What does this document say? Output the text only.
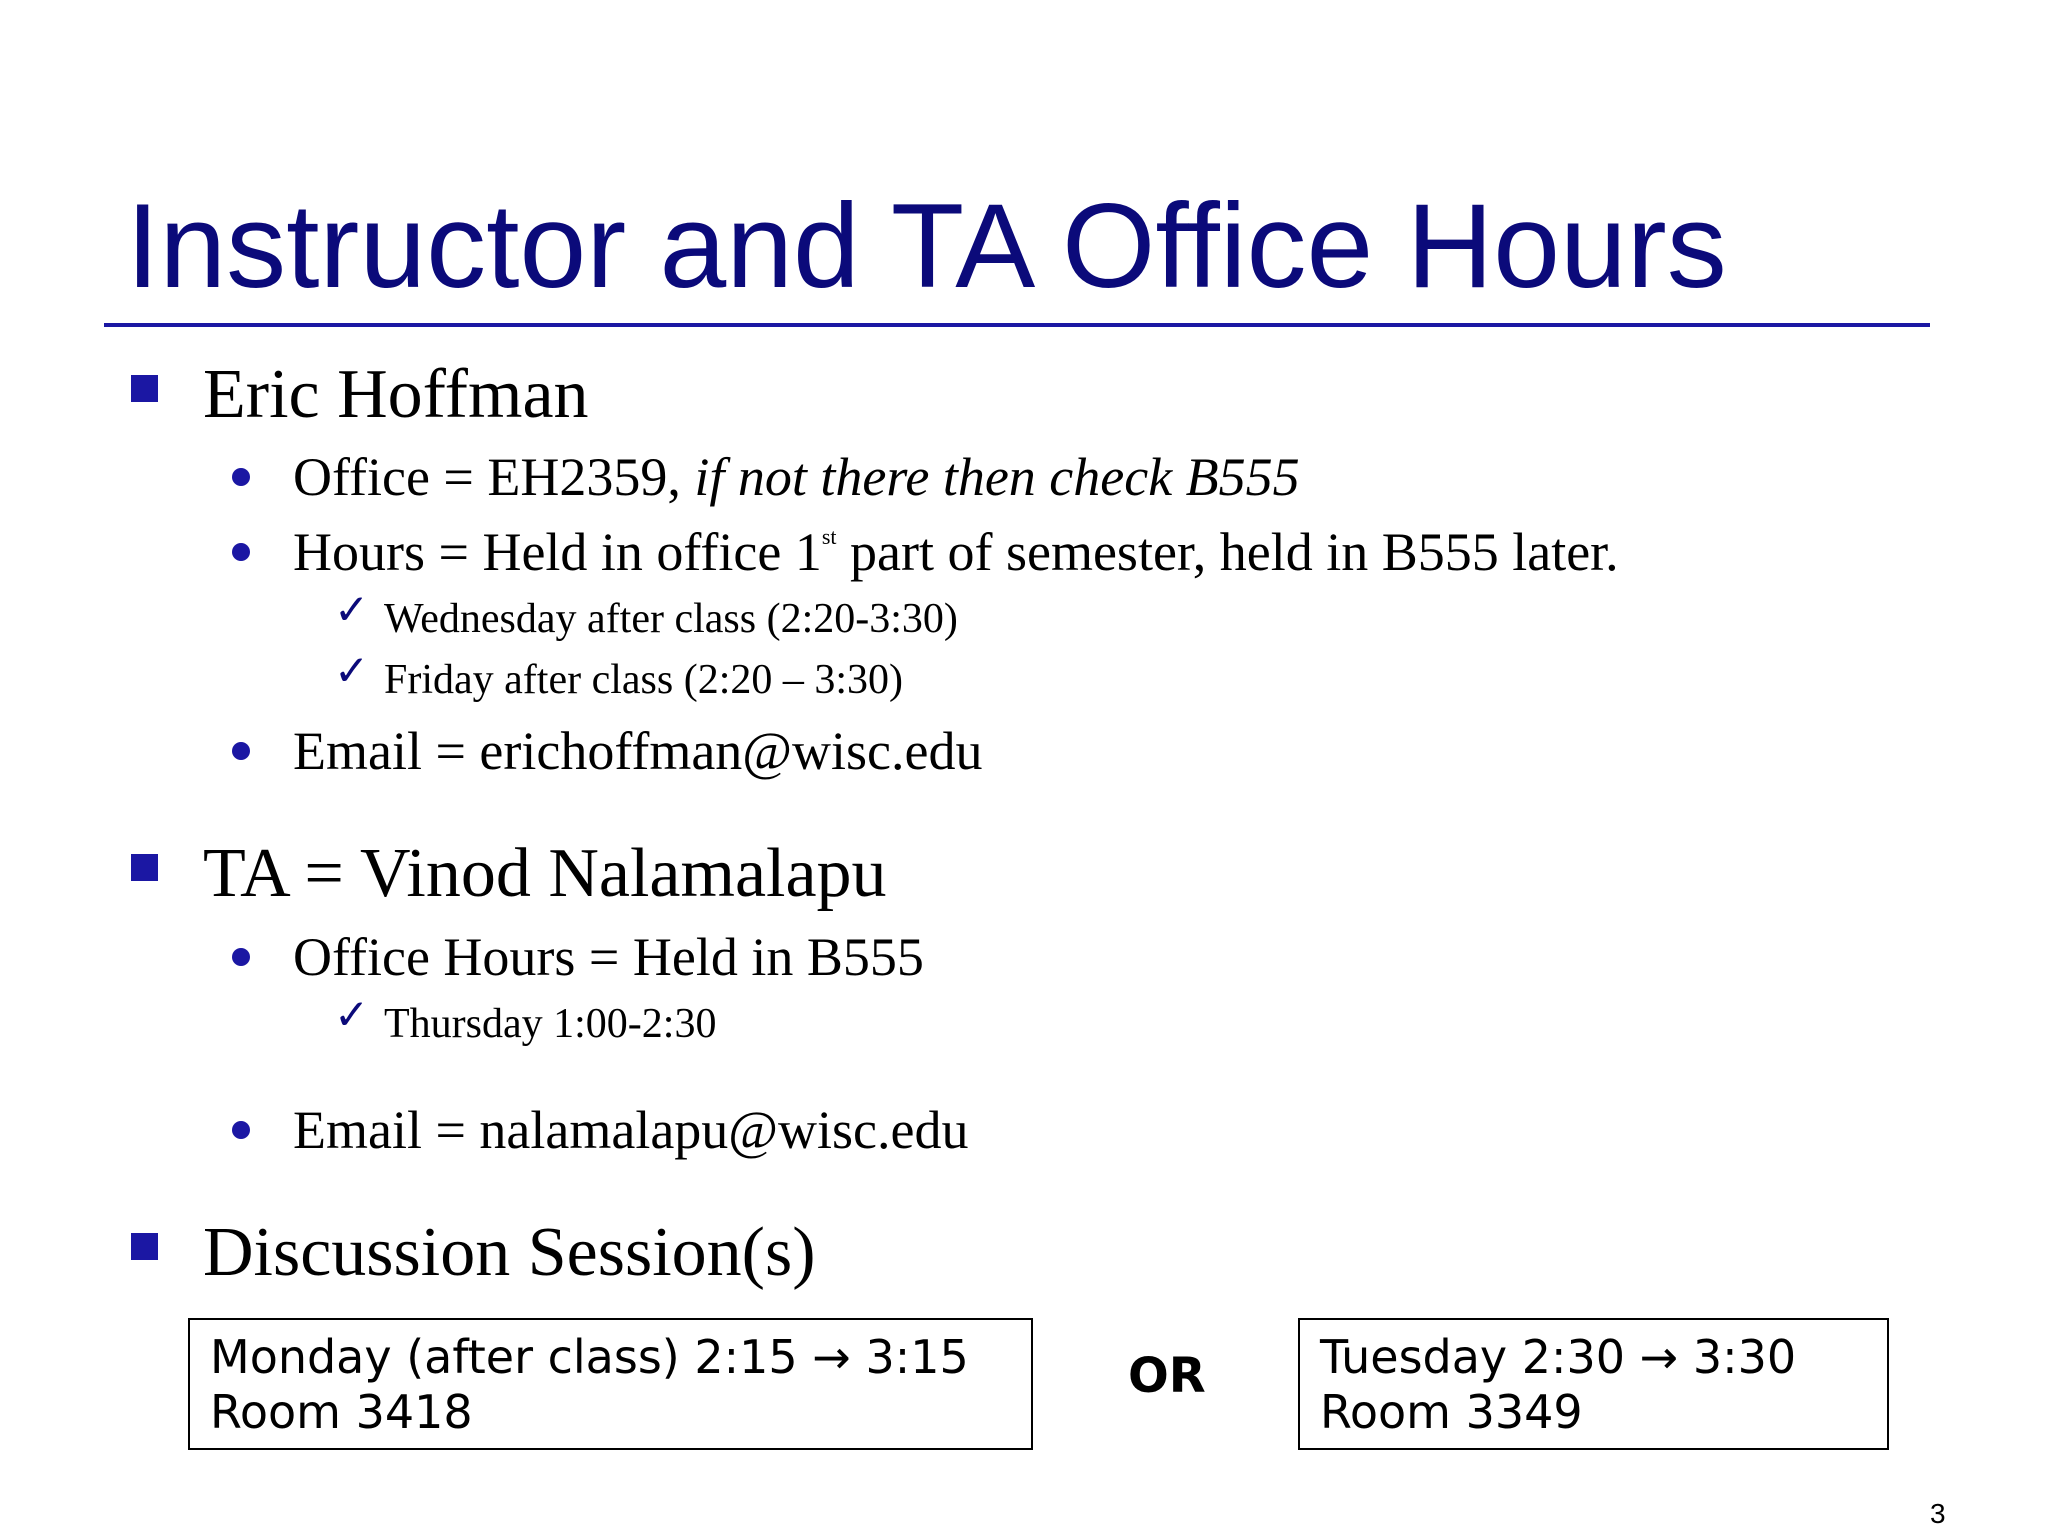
Instructor and TA Office Hours
Eric Hoffman
Office = EH2359, if not there then check B555
Hours = Held in office 1st part of semester, held in B555 later.
✓ Wednesday after class (2:20-3:30)
✓ Friday after class (2:20 – 3:30)
Email = erichoffman@wisc.edu
TA = Vinod Nalamalapu
Office Hours = Held in B555
✓ Thursday 1:00-2:30
Email = nalamalapu@wisc.edu
Discussion Session(s)
Monday (after class) 2:15 → 3:15
Room 3418
OR Tuesday 2:30 → 3:30
Room 3349
3
